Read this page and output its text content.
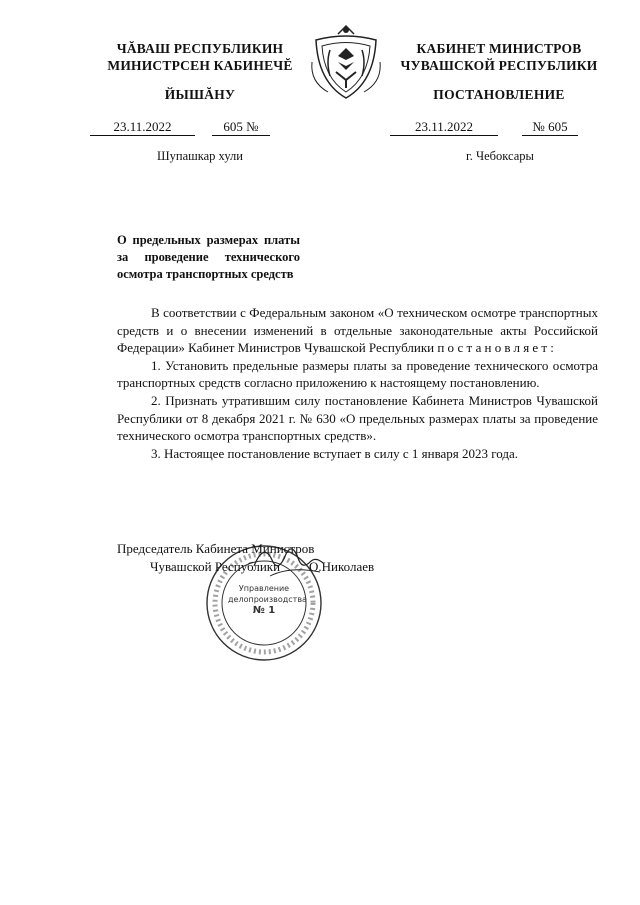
ЧĂВАШ РЕСПУБЛИКИН
МИНИСТРСЕН КАБИНЕЧĔ
КАБИНЕТ МИНИСТРОВ
ЧУВАШСКОЙ РЕСПУБЛИКИ
ЙЫШĂНУ	ПОСТАНОВЛЕНИЕ
23.11.2022	605 №	23.11.2022	№ 605
Шупашкар хули	г. Чебоксары
О предельных размерах платы за проведение технического осмотра транспортных средств

В соответствии с Федеральным законом «О техническом осмотре транспортных средств и о внесении изменений в отдельные законодательные акты Российской Федерации» Кабинет Министров Чувашской Республики постановляет:

1. Установить предельные размеры платы за проведение технического осмотра транспортных средств согласно приложению к настоящему постановлению.

2. Признать утратившим силу постановление Кабинета Министров Чувашской Республики от 8 декабря 2021 г. № 630 «О предельных размерах платы за проведение технического осмотра транспортных средств».

3. Настоящее постановление вступает в силу с 1 января 2023 года.

Управление
делопроизводства
№ 1
Председатель Кабинета Министров
Чувашской Республики О.Николаев
